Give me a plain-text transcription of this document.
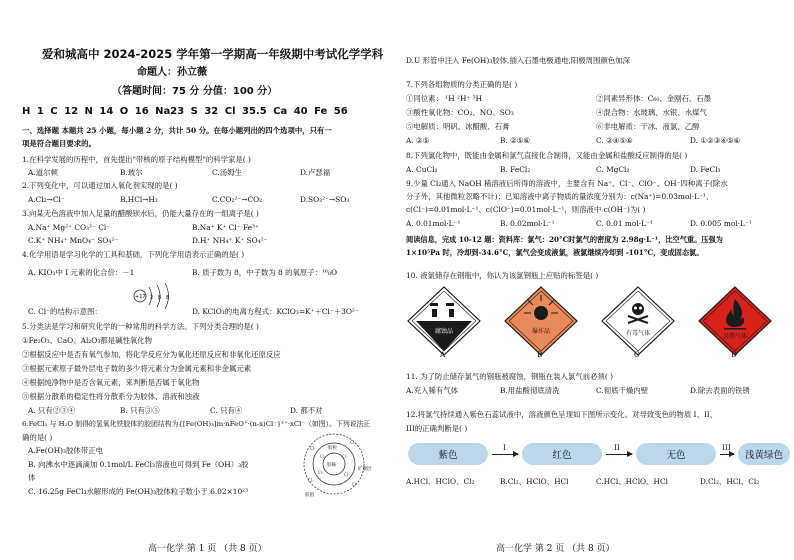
爱和城高中 2024-2025 学年第一学期高一年级期中考试化学学科
命题人：孙立薇
（答题时间：75 分 分值：100 分）
H 1 C 12 N 14 O 16 Na23 S 32 Cl 35.5 Ca 40 Fe 56
一、选择题 本题共 25 小题，每小题 2 分，共计 50 分。在每小题列出的四个选项中，只有一
项是符合题目要求的。
1.在科学发展的历程中，首先提出"带核的原子结构模型"的科学家是( )
A.道尔顿	B.玻尔	C.汤姆生	D.卢瑟福
2.下列变化中，可以通过加入氧化剂实现的是( )
A.Cl₂→Cl⁻	B.HCl→H₂	C.CO₂²⁻→CO₂	D.SO₃²⁻→SO₃
3.向某无色溶液中加入足量的醋酸钡水后，仍能大量存在的一组离子是( )
A.Na⁺ Mg²⁺ CO₃²⁻ Cl⁻	B.Na⁺ K⁺ Cl⁻ Fe³⁺
C.K⁺ NH₄⁺ MnO₄⁻ SO₄²⁻	D.H⁺ NH₄⁺ K⁺ SO₄²⁻
4.化学用语是学习化学的工具和基础，下列化学用语表示正确的是( )
A. KIO₃中 I 元素的化合价：－1	B. 质子数为 8，中子数为 8 的氧原子：¹⁶₈O
+17 2 8 8
C. Cl⁻的结构示意图：	D. KClO₃的电离方程式：KClO₃=K⁺＋Cl⁻＋3O²⁻
5.分类法是学习和研究化学的一种常用的科学方法。下列分类合理的是( )
①Fe₂O₃、CaO、Al₂O₃都是碱性氧化物
②根据反应中是否有氧气参加，将化学反应分为氧化还原反应和非氧化还原反应
③根据元素原子最外层电子数的多少将元素分为金属元素和非金属元素
④根据纯净物中是否含氧元素，来判断是否属于氧化物
⑤根据分散系的稳定性将分散系分为胶体、溶液和浊液
A. 只有②③④	B. 只有③⑤	C. 只有④	D. 都不对
6.FeCl₃ 与 H₂O 制得的氢氧化铁胶体的胶团结构为{[Fe(OH)₃]m·nFeO⁺·(n-x)Cl⁻}ˣ⁺·xCl⁻（如图）。下列说法正
确的是( )
胶核
胶粒
胶团
扩散层
Cl⁻	Cl⁻
Cl⁻	Cl⁻
Cl⁻
Cl⁻
Cl⁻
Cl⁻
A.Fe(OH)₃胶体带正电
B. 向沸水中逐滴滴加 0.1mol/L FeCl₃溶液也可得到 Fe（OH）₃胶
体
C. 16.25g FeCl₃水解形成的 Fe(OH)₃胶体粒子数小于 6.02×10²³
高一化学 第 1 页 （共 8 页）
D.U 形管中注入 Fe(OH)₃胶体,插入石墨电极通电,阳极周围颜色加深
7.下列各组物质的分类正确的是( )
①同位素： ¹H ²H⁺ ³H	②同素异形体：C₆₀、金刚石、石墨
③酸性氧化物：CO₂、NO、SO₃	④混合物：水玻璃、水银、水煤气
⑤电解质：明矾、冰醋酸、石膏	⑥非电解质：干冰、液氯、乙醇
A. ②⑤	B. ②⑤⑥	C. ②④⑤⑥	D. ①②③④⑤⑥
8.下列氯化物中，既能由金属和氯气直接化合制得，又能由金属和盐酸反应制得的是( )
A. CuCl₂	B. FeCl₂	C. MgCl₂	D. FeCl₃
9.少量 Cl₂通入 NaOH 稀溶液后所得的溶液中，主要含有 Na⁺、Cl⁻、ClO⁻、OH⁻四种离子(除水
分子外，其他微粒忽略不计)；已知溶液中离子物质的量浓度分别为：c(Na⁺)=0.03mol·L⁻¹、
c(Cl⁻)=0.01mol·L⁻¹、c(ClO⁻)=0.01mol·L⁻¹，则溶液中 c(OH⁻)为( )
A. 0.01mol·L⁻¹	B. 0.02mol·L⁻¹	C. 0.01 mol·L⁻¹	D. 0.005 mol·L⁻¹
阅读信息，完成 10-12 题：资料库：氯气：20°C时氯气的密度为 2.98g·L⁻¹，比空气重。压强为
1×10⁵Pa 时，冷却到-34.6°C，氯气会变成液氯，液氯继续冷却到 -101°C，变成固态氯。
10. 液氯储存在钢瓶中，你认为该氯钢瓶上应贴的标签是( )
腐蚀品	爆炸品	有毒气体	易燃气体
A	B	C	D
11. 为了防止储存氯气的钢瓶被腐蚀，钢瓶在装入氯气前必须( )
A.充入稀有气体	B.用盐酸彻底清洗	C.彻底干燥内壁	D.除去表面的铁锈
12.将氯气持续通入紫色石蕊试液中，溶液颜色呈现如下图所示变化。对导致变色的物质 I、II、
III的正确判断是( )
紫色
I
红色
II
无色
III
浅黄绿色
A.HCl、HClO、Cl₂	B.Cl₂、HClO、HCl	C.HCl、HClO、HCl	D.Cl₂、HCl、Cl₂
高一化学 第 2 页 （共 8 页）
